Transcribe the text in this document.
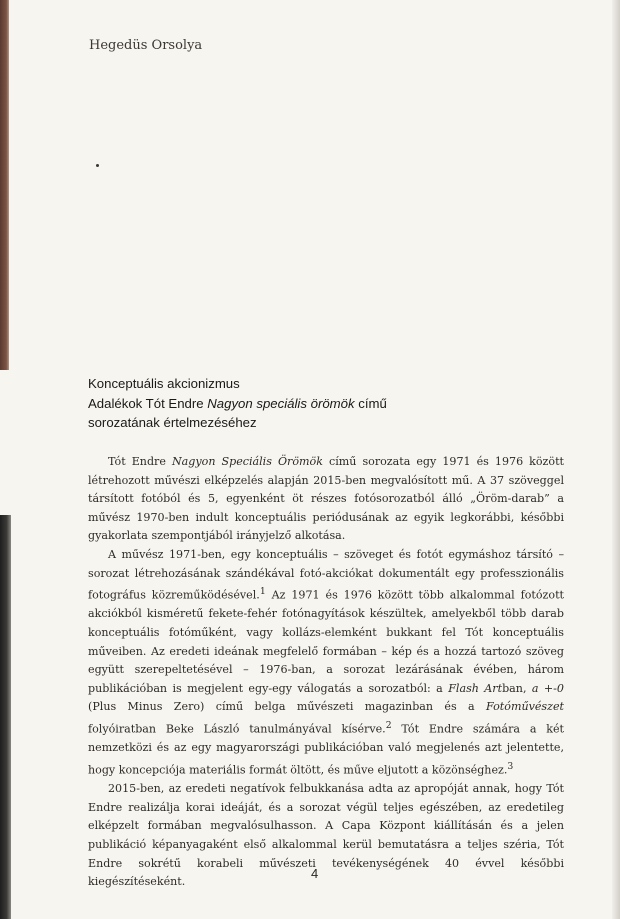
Hegedüs Orsolya
Konceptuális akcionizmus
Adalékok Tót Endre Nagyon speciális örömök című
sorozatának értelmezéséhez

Tót Endre Nagyon Speciális Örömök című sorozata egy 1971 és 1976 között létrehozott művészi elképzelés alapján 2015-ben megvalósított mű. A 37 szöveggel társított fotóból és 5, egyenként öt részes fotósorozatból álló „Öröm-darab” a művész 1970-ben indult konceptuális periódusának az egyik legkorábbi, későbbi gyakorlata szempontjából irányjelző alkotása.

A művész 1971-ben, egy konceptuális – szöveget és fotót egymáshoz társító – sorozat létrehozásának szándékával fotó-akciókat dokumentált egy professzionális fotográfus közreműködésével.$^1$ Az 1971 és 1976 között több alkalommal fotózott akciókból kisméretű fekete-fehér fotónagyítások készültek, amelyekből több darab konceptuális fotóműként, vagy kollázs-elemként bukkant fel Tót konceptuális műveiben. Az eredeti ideának megfelelő formában – kép és a hozzá tartozó szöveg együtt szerepeltetésével – 1976-ban, a sorozat lezárásának évében, három publikációban is megjelent egy-egy válogatás a sorozatból: a Flash Artban, a +-0 (Plus Minus Zero) című belga művészeti magazinban és a Fotóművészet folyóiratban Beke László tanulmányával kísérve.$^2$ Tót Endre számára a két nemzetközi és az egy magyarországi publikációban való megjelenés azt jelentette, hogy koncepciója materiális formát öltött, és műve eljutott a közönséghez.$^3$

2015-ben, az eredeti negatívok felbukkanása adta az apropóját annak, hogy Tót Endre realizálja korai ideáját, és a sorozat végül teljes egészében, az eredetileg elképzelt formában megvalósulhasson. A Capa Központ kiállításán és a jelen publikáció képanyagaként első alkalommal kerül bemutatásra a teljes széria, Tót Endre sokrétű korabeli művészeti tevékenységének 40 évvel későbbi kiegészítéseként.

4
